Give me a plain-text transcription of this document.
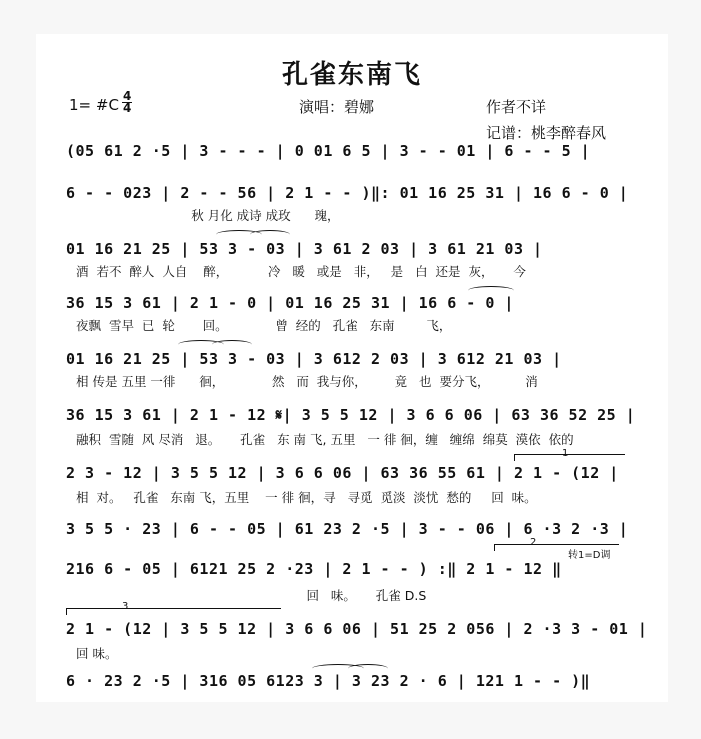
孔雀东南飞
1= #C 4
4	演唱：碧娜	作者不详
记谱：桃李醉春风
(05 61 2 ·5 | 3 - - - | 0 01 6 5 | 3 - - 01 | 6 - - 5 |
6 - - 023 | 2 - - 56 | 2 1 - - )‖: 01 16 25 31 | 16 6 - 0 |
秋 月化 成诗 成玫      瑰，
01 16 21 25 | 53 3 - 03 | 3 61 2 03 | 3 61 21 03 |
酒  若不  醉人  人自    醉，          冷   暖   或是   非，   是   白  还是  灰，     今
36 15 3 61 | 2 1 - 0 | 01 16 25 31 | 16 6 - 0 |
夜飘  雪早  已  轮       回。            曾  经的   孔雀   东南        飞，
01 16 21 25 | 53 3 - 03 | 3 612 2 03 | 3 612 21 03 |
相 传是 五里 一徘      徊，            然   而  我与你，       竟   也  要分飞，         消
36 15 3 61 | 2 1 - 12 𝄋| 3 5 5 12 | 3 6 6 06 | 63 36 52 25 |
融积  雪随  风 尽消   退。     孔雀   东 南 飞, 五里   一 徘 徊，缠   缠绵  绵莫  漠依  依的
1
2 3 - 12 | 3 5 5 12 | 3 6 6 06 | 63 36 55 61 | 2 1 - (12 |
相  对。   孔雀   东南 飞，五里    一 徘 徊，寻   寻觅  觅淡  淡忧  愁的     回  味。
3 5 5 · 23 | 6 - - 05 | 61 23 2 ·5 | 3 - - 06 | 6 ·3 2 ·3 |
2
转1=D调
216 6 - 05 | 6121 25 2 ·23 | 2 1 - - ) :‖ 2 1 - 12 ‖
回   味。     孔雀 D.S
3
2 1 - (12 | 3 5 5 12 | 3 6 6 06 | 51 25 2 056 | 2 ·3 3 - 01 |
回 味。
6 · 23 2 ·5 | 316 05 6123 3 | 3 23 2 · 6 | 121 1 - - )‖
